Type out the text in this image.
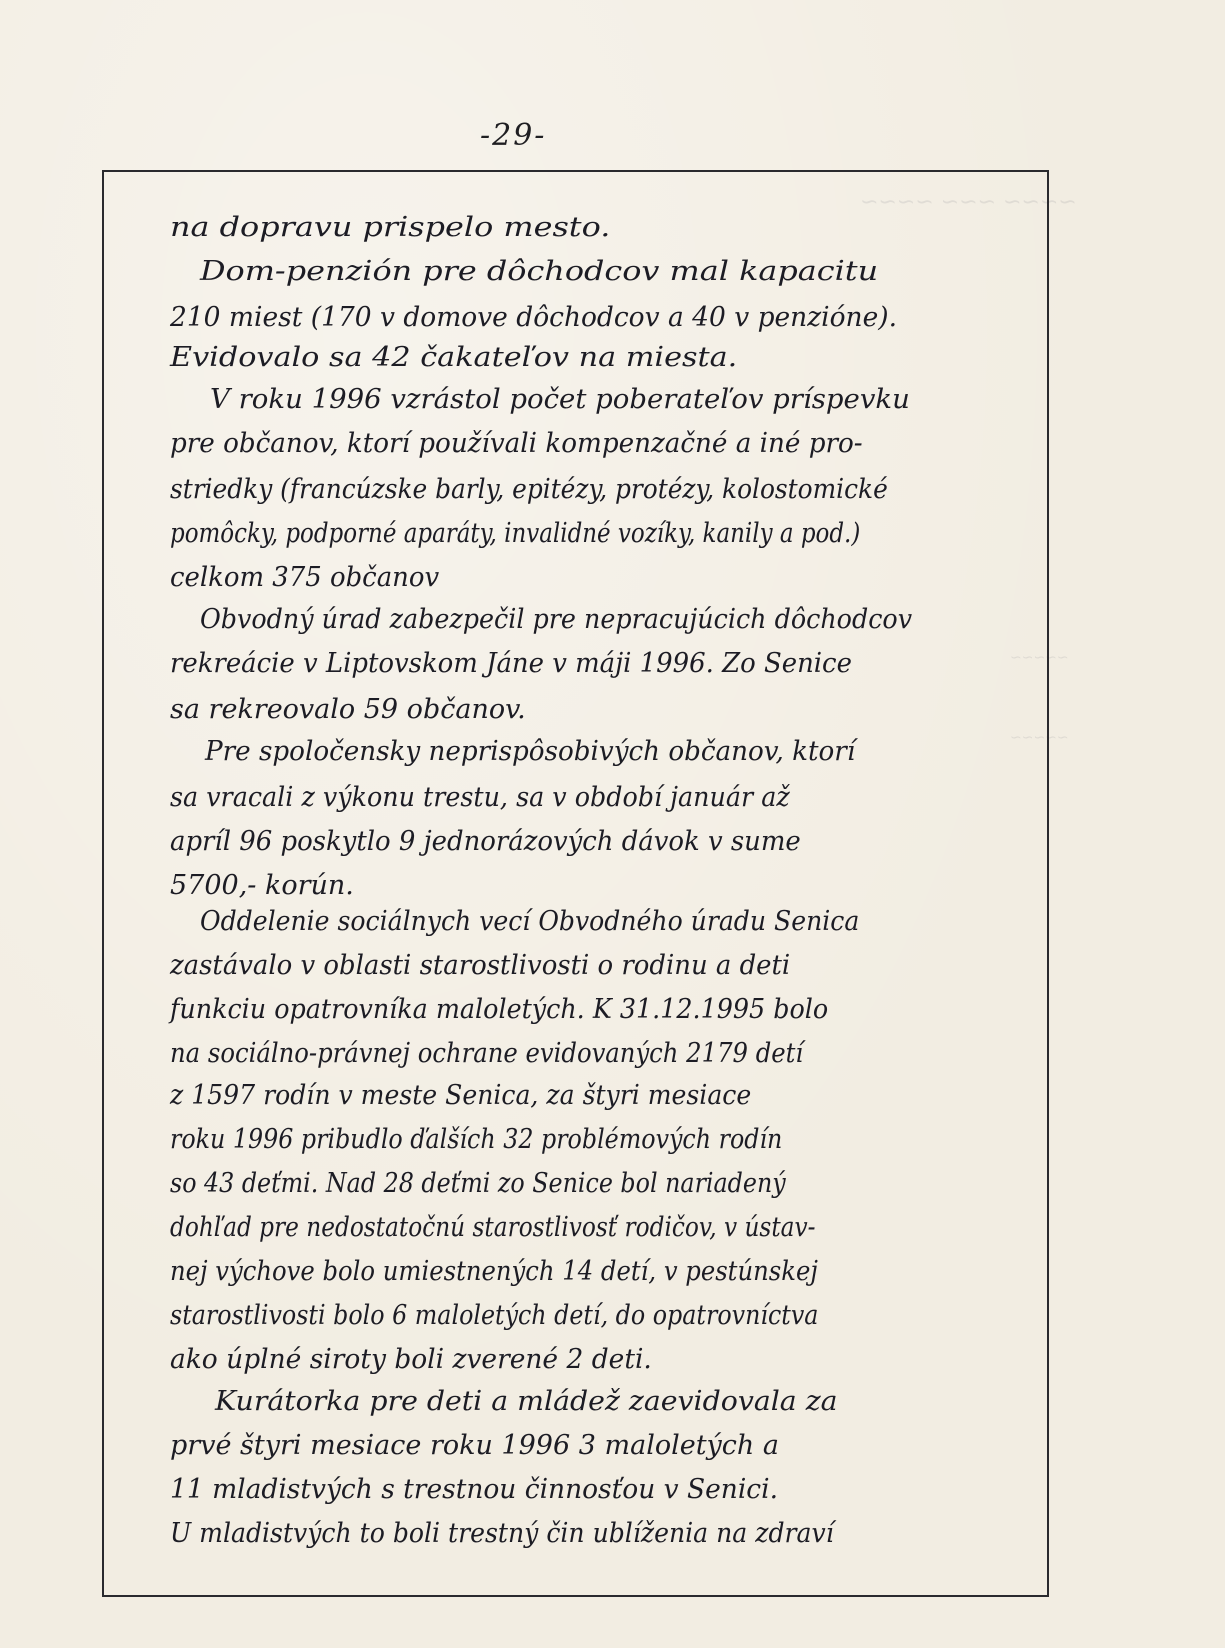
~~~~ ~~~ ~~~~
~~~~~
~~~~~
-29-
na dopravu prispelo mesto.
Dom-penzión pre dôchodcov mal kapacitu
210 miest (170 v domove dôchodcov a 40 v penzióne).
Evidovalo sa 42 čakateľov na miesta.
V roku 1996 vzrástol počet poberateľov príspevku
pre občanov, ktorí používali kompenzačné a iné pro-
striedky (francúzske barly, epitézy, protézy, kolostomické
pomôcky, podporné aparáty, invalidné vozíky, kanily a pod.)
celkom 375 občanov
Obvodný úrad zabezpečil pre nepracujúcich dôchodcov
rekreácie v Liptovskom Jáne v máji 1996. Zo Senice
sa rekreovalo 59 občanov.
Pre spoločensky neprispôsobivých občanov, ktorí
sa vracali z výkonu trestu, sa v období január až
apríl 96 poskytlo 9 jednorázových dávok v sume
5700,- korún.
Oddelenie sociálnych vecí Obvodného úradu Senica
zastávalo v oblasti starostlivosti o rodinu a deti
funkciu opatrovníka maloletých. K 31.12.1995 bolo
na sociálno-právnej ochrane evidovaných 2179 detí
z 1597 rodín v meste Senica, za štyri mesiace
roku 1996 pribudlo ďalších 32 problémových rodín
so 43 deťmi. Nad 28 deťmi zo Senice bol nariadený
dohľad pre nedostatočnú starostlivosť rodičov, v ústav-
nej výchove bolo umiestnených 14 detí, v pestúnskej
starostlivosti bolo 6 maloletých detí, do opatrovníctva
ako úplné siroty boli zverené 2 deti.
Kurátorka pre deti a mládež zaevidovala za
prvé štyri mesiace roku 1996 3 maloletých a
11 mladistvých s trestnou činnosťou v Senici.
U mladistvých to boli trestný čin ublíženia na zdraví
